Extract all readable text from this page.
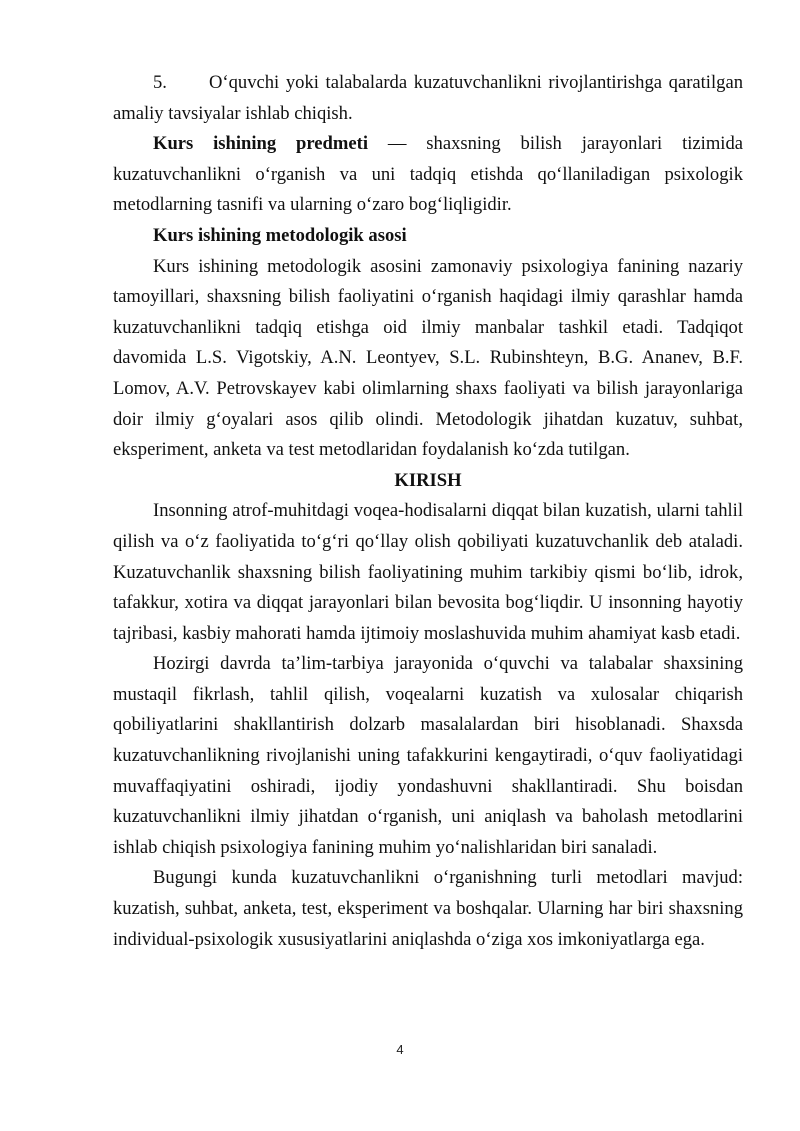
5. O‘quvchi yoki talabalarda kuzatuvchanlikni rivojlantirishga qaratilgan amaliy tavsiyalar ishlab chiqish.

Kurs ishining predmeti — shaxsning bilish jarayonlari tizimida kuzatuvchanlikni o‘rganish va uni tadqiq etishda qo‘llaniladigan psixologik metodlarning tasnifi va ularning o‘zaro bog‘liqligidir.

Kurs ishining metodologik asosi

Kurs ishining metodologik asosini zamonaviy psixologiya fanining nazariy tamoyillari, shaxsning bilish faoliyatini o‘rganish haqidagi ilmiy qarashlar hamda kuzatuvchanlikni tadqiq etishga oid ilmiy manbalar tashkil etadi. Tadqiqot davomida L.S. Vigotskiy, A.N. Leontyev, S.L. Rubinshteyn, B.G. Ananev, B.F. Lomov, A.V. Petrovskayev kabi olimlarning shaxs faoliyati va bilish jarayonlariga doir ilmiy g‘oyalari asos qilib olindi. Metodologik jihatdan kuzatuv, suhbat, eksperiment, anketa va test metodlaridan foydalanish ko‘zda tutilgan.

KIRISH

Insonning atrof-muhitdagi voqea-hodisalarni diqqat bilan kuzatish, ularni tahlil qilish va o‘z faoliyatida to‘g‘ri qo‘llay olish qobiliyati kuzatuvchanlik deb ataladi. Kuzatuvchanlik shaxsning bilish faoliyatining muhim tarkibiy qismi bo‘lib, idrok, tafakkur, xotira va diqqat jarayonlari bilan bevosita bog‘liqdir. U insonning hayotiy tajribasi, kasbiy mahorati hamda ijtimoiy moslashuvida muhim ahamiyat kasb etadi.

Hozirgi davrda ta’lim-tarbiya jarayonida o‘quvchi va talabalar shaxsining mustaqil fikrlash, tahlil qilish, voqealarni kuzatish va xulosalar chiqarish qobiliyatlarini shakllantirish dolzarb masalalardan biri hisoblanadi. Shaxsda kuzatuvchanlikning rivojlanishi uning tafakkurini kengaytiradi, o‘quv faoliyatidagi muvaffaqiyatini oshiradi, ijodiy yondashuvni shakllantiradi. Shu boisdan kuzatuvchanlikni ilmiy jihatdan o‘rganish, uni aniqlash va baholash metodlarini ishlab chiqish psixologiya fanining muhim yo‘nalishlaridan biri sanaladi.

Bugungi kunda kuzatuvchanlikni o‘rganishning turli metodlari mavjud: kuzatish, suhbat, anketa, test, eksperiment va boshqalar. Ularning har biri shaxsning individual-psixologik xususiyatlarini aniqlashda o‘ziga xos imkoniyatlarga ega.

4
